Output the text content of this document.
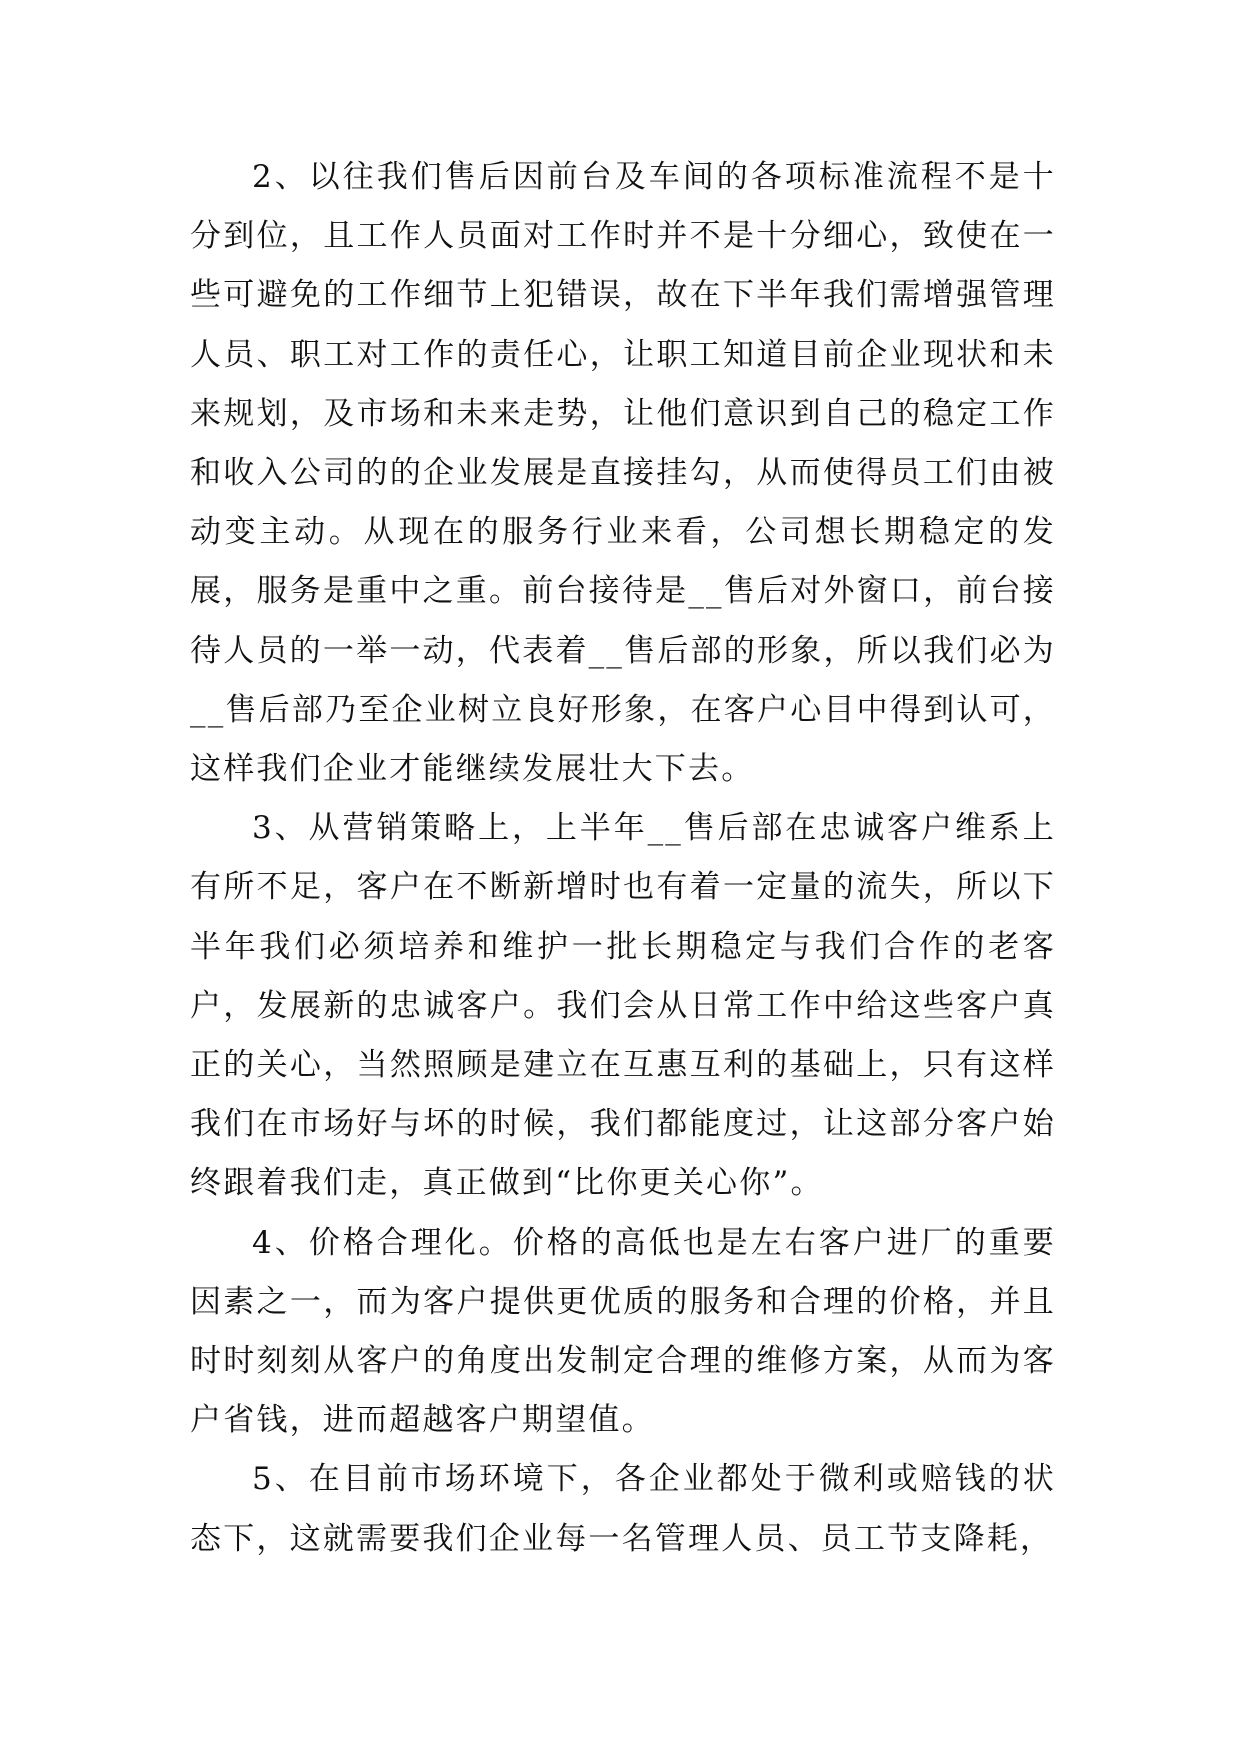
2、以往我们售后因前台及车间的各项标准流程不是十分到位，且工作人员面对工作时并不是十分细心，致使在一些可避免的工作细节上犯错误，故在下半年我们需增强管理人员、职工对工作的责任心，让职工知道目前企业现状和未来规划，及市场和未来走势，让他们意识到自己的稳定工作和收入公司的的企业发展是直接挂勾，从而使得员工们由被动变主动。从现在的服务行业来看，公司想长期稳定的发展，服务是重中之重。前台接待是__售后对外窗口，前台接待人员的一举一动，代表着__售后部的形象，所以我们必为__售后部乃至企业树立良好形象，在客户心目中得到认可，这样我们企业才能继续发展壮大下去。

3、从营销策略上，上半年__售后部在忠诚客户维系上有所不足，客户在不断新增时也有着一定量的流失，所以下半年我们必须培养和维护一批长期稳定与我们合作的老客户，发展新的忠诚客户。我们会从日常工作中给这些客户真正的关心，当然照顾是建立在互惠互利的基础上，只有这样我们在市场好与坏的时候，我们都能度过，让这部分客户始终跟着我们走，真正做到“比你更关心你”。

4、价格合理化。价格的高低也是左右客户进厂的重要因素之一，而为客户提供更优质的服务和合理的价格，并且时时刻刻从客户的角度出发制定合理的维修方案，从而为客户省钱，进而超越客户期望值。

5、在目前市场环境下，各企业都处于微利或赔钱的状态下，这就需要我们企业每一名管理人员、员工节支降耗，
